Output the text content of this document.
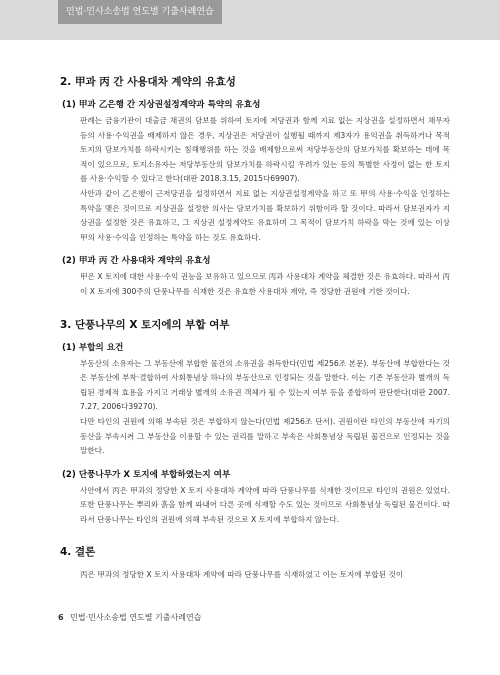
민법·민사소송법 연도별 기출사례연습
2. 甲과 丙 간 사용대차 계약의 유효성
(1) 甲과 乙은행 간 지상권설정계약과 특약의 유효성

판례는 금융기관이 대출금 채권의 담보를 위하여 토지에 저당권과 함께 지료 없는 지상권을 설정하면서 채무자 등의 사용·수익권을 배제하지 않은 경우, 지상권은 저당권이 실행될 때까지 제3자가 용익권을 취득하거나 목적 토지의 담보가치를 하락시키는 침해행위를 하는 것을 배제함으로써 저당부동산의 담보가치를 확보하는 데에 목적이 있으므로, 토지소유자는 저당부동산의 담보가치를 하락시킬 우려가 있는 등의 특별한 사정이 없는 한 토지를 사용·수익할 수 있다고 한다(대판 2018.3.15, 2015다69907).

사안과 같이 乙은행이 근저당권을 설정하면서 지료 없는 지상권설정계약을 하고 또 甲의 사용·수익을 인정하는 특약을 맺은 것이므로 지상권을 설정한 의사는 담보가치를 확보하기 위함이라 할 것이다. 따라서 담보권자가 지상권을 설정한 것은 유효하고, 그 지상권 설정계약도 유효하며 그 목적이 담보가치 하락을 막는 것에 있는 이상 甲의 사용·수익을 인정하는 특약을 하는 것도 유효하다.

(2) 甲과 丙 간 사용대차 계약의 유효성

甲은 X 토지에 대한 사용·수익 권능을 보유하고 있으므로 丙과 사용대차 계약을 체결한 것은 유효하다. 따라서 丙이 X 토지에 300주의 단풍나무를 식재한 것은 유효한 사용대차 계약, 즉 정당한 권원에 기한 것이다.

3. 단풍나무의 X 토지에의 부합 여부
(1) 부합의 요건

부동산의 소유자는 그 부동산에 부합한 물건의 소유권을 취득한다(민법 제256조 본문). 부동산에 부합한다는 것은 부동산에 부착·결합하여 사회통념상 하나의 부동산으로 인정되는 것을 말한다. 이는 기존 부동산과 별개의 독립된 경제적 효용을 가지고 거래상 별개의 소유권 객체가 될 수 있는지 여부 등을 종합하여 판단한다(대판 2007.7.27, 2006다39270).

다만 타인의 권원에 의해 부속된 것은 부합하지 않는다(민법 제256조 단서). 권원이란 타인의 부동산에 자기의 동산을 부속시켜 그 부동산을 이용할 수 있는 권리를 말하고 부속은 사회통념상 독립된 물건으로 인정되는 것을 말한다.

(2) 단풍나무가 X 토지에 부합하였는지 여부

사안에서 丙은 甲과의 정당한 X 토지 사용대차 계약에 따라 단풍나무를 식재한 것이므로 타인의 권원은 있었다. 또한 단풍나무는 뿌리와 흙을 함께 파내어 다른 곳에 식재할 수도 있는 것이므로 사회통념상 독립된 물건이다. 따라서 단풍나무는 타인의 권원에 의해 부속된 것으로 X 토지에 부합하지 않는다.

4. 결론

丙은 甲과의 정당한 X 토지 사용대차 계약에 따라 단풍나무를 식재하였고 이는 토지에 부합된 것이

6 민법·민사소송법 연도별 기출사례연습
